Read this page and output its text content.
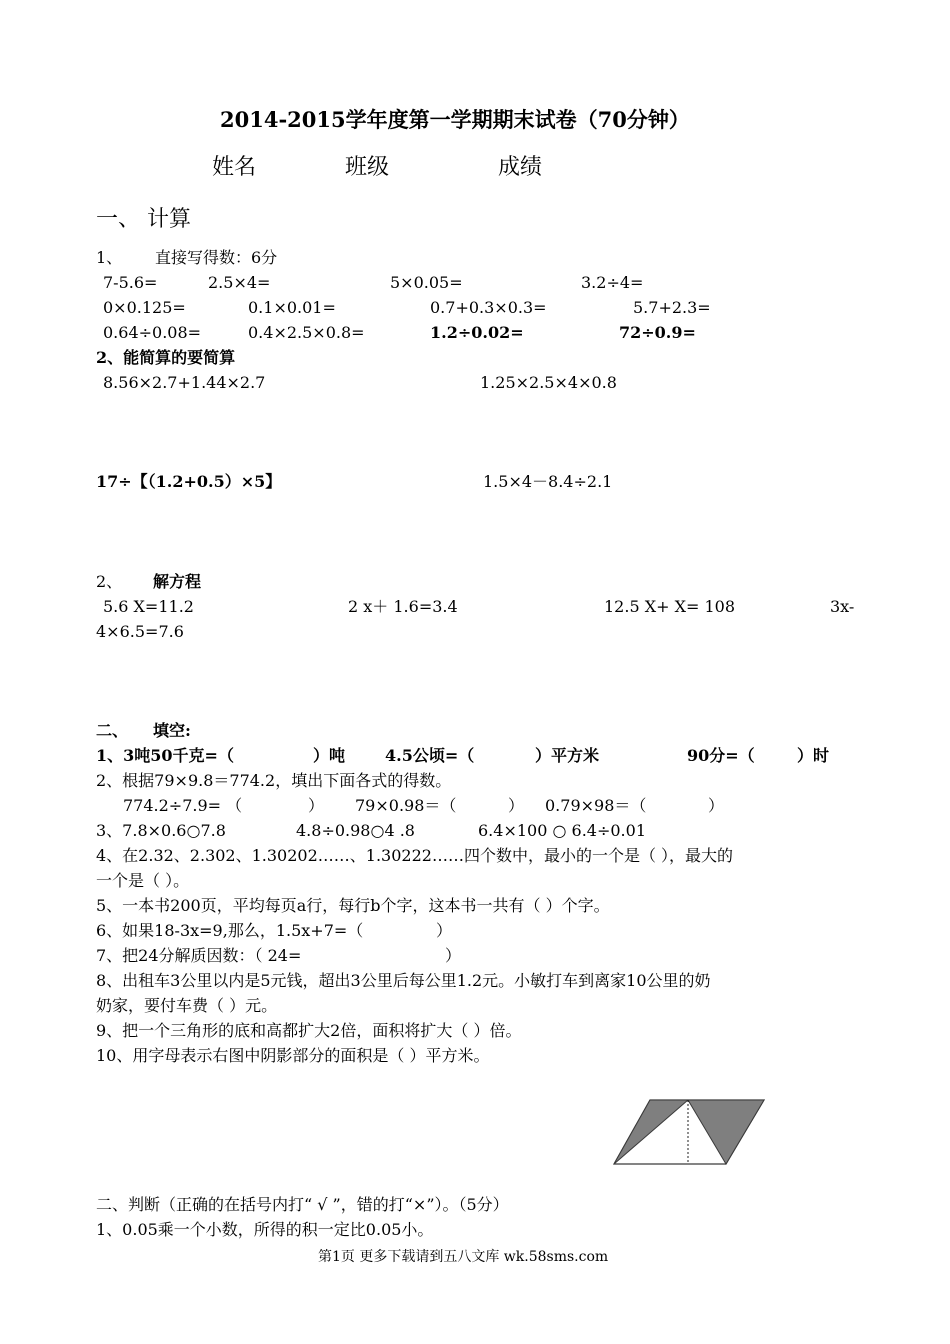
2014-2015学年度第一学期期末试卷（70分钟）
姓名	班级	成绩
一、 计算
1、 直接写得数：6分
7-5.6=	2.5×4=	5×0.05=	3.2÷4=
0×0.125=	0.1×0.01=	0.7+0.3×0.3=	5.7+2.3=
0.64÷0.08=	0.4×2.5×0.8=	1.2÷0.02=	72÷0.9=
2、能简算的要简算
8.56×2.7+1.44×2.7	1.25×2.5×4×0.8
17÷【（1.2+0.5）×5】	1.5×4－8.4÷2.1
2、 解方程
5.6 X=11.2	2 x＋ 1.6=3.4	12.5 X+ X= 108	3x-
4×6.5=7.6
二、 填空:
1、3吨50千克=（	）吨 4.5公顷=（	）平方米	90分=（	）时
2、根据79×9.8＝774.2，填出下面各式的得数。
774.2÷7.9= （	） 79×0.98＝（	） 0.79×98＝（	）
3、7.8×0.6○7.8	4.8÷0.98○4 .8	6.4×100 ○ 6.4÷0.01
4、在2.32、2.302、1.30202……、1.30222……四个数中，最小的一个是（ ），最大的
一个是（ ）。
5、一本书200页，平均每页a行，每行b个字，这本书一共有（ ）个字。
6、如果18-3x=9,那么，1.5x+7=（	）
7、把24分解质因数：（ 24=	）
8、出租车3公里以内是5元钱，超出3公里后每公里1.2元。小敏打车到离家10公里的奶
奶家，要付车费（ ）元。
9、把一个三角形的底和高都扩大2倍，面积将扩大（ ）倍。
10、用字母表示右图中阴影部分的面积是（ ）平方米。
二、判断（正确的在括号内打“ √ ”，错的打“×”）。（5分）
1、0.05乘一个小数，所得的积一定比0.05小。
第1页 更多下载请到五八文库 wk.58sms.com
